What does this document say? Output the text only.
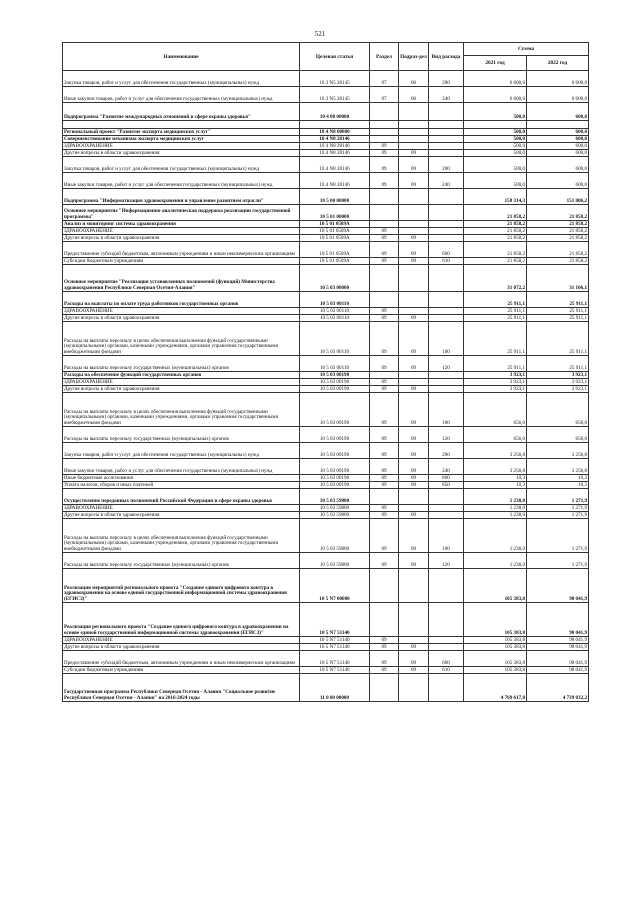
521
Наименование	Целевая статья	Раздел	Подраз-дел	Вид расхода	Сумма	
					2021 год	2022 год
Закупка товаров, работ и услуг для обеспечения государственных (муниципальных) нужд	10 3 N5 28145	07	06	200	6 600,0	6 600,0
Иные закупки товаров, работ и услуг для обеспечения государственных (муниципальных) нужд	10 3 N5 28145	07	06	240	6 600,0	6 600,0
Подпрограмма "Развитие международных отношений в сфере охраны здоровья"	10 4 00 00000				500,0	600,0

Региональный проект "Развитие экспорта медицинских услуг"	10 4 N8 00000				500,0	600,0
Совершенствование механизма экспорта медицинских услуг	10 4 N8 28146				500,0	600,0
ЗДРАВООХРАНЕНИЕ	10 4 N8 28146	09			500,0	600,0
Другие вопросы в области здравоохранения	10 4 N8 28146	09	09		500,0	600,0
Закупка товаров, работ и услуг для обеспечения государственных (муниципальных) нужд	10 4 N8 28146	09	09	200	500,0	600,0
Иные закупки товаров, работ и услуг для обеспечения государственных (муниципальных) нужд	10 4 N8 28146	09	09	240	500,0	600,0
Подпрограмма "Информатизация здравоохранения и управление развитием отрасли"	10 5 00 00000				158 314,3	151 006,2
Основное мероприятие "Информационно-аналитическая поддержка реализации государственной программы"	10 5 01 00000				21 858,2	21 858,2
Анализ и мониторинг системы здравоохранения	10 5 01 0509А				21 858,2	21 858,2
ЗДРАВООХРАНЕНИЕ	10 5 01 0509А	09			21 858,2	21 858,2
Другие вопросы в области здравоохранения	10 5 01 0509А	09	09		21 858,2	21 858,2
Предоставление субсидий бюджетным, автономным учреждениям и иным некоммерческим организациям	10 5 01 0509А	09	09	600	21 858,2	21 858,2
Субсидии бюджетным учреждениям	10 5 01 0509А	09	09	610	21 858,2	21 858,2
Основное мероприятие "Реализация установленных полномочий (функций) Министерства здравоохранения Республики Северная Осетия-Алания"	10 5 03 00000				31 072,2	31 106,1
Расходы на выплаты по оплате труда работников государственных органов	10 5 03 00110				25 911,1	25 911,1
ЗДРАВООХРАНЕНИЕ	10 5 03 00110	09			25 911,1	25 911,1
Другие вопросы в области здравоохранения	10 5 03 00110	09	09		25 911,1	25 911,1
Расходы на выплаты персоналу в целях обеспечения выполнения функций государственными (муниципальными) органами, казенными учреждениями, органами управления государственными внебюджетными фондами	10 5 03 00110	09	09	100	25 911,1	25 911,1
Расходы на выплаты персоналу государственных (муниципальных) органов	10 5 03 00110	09	09	120	25 911,1	25 911,1
Расходы на обеспечение функций государственных органов	10 5 03 00190				3 923,1	3 923,1
ЗДРАВООХРАНЕНИЕ	10 5 03 00190	09			3 923,1	3 923,1
Другие вопросы в области здравоохранения	10 5 03 00190	09	09		3 923,1	3 923,1
Расходы на выплаты персоналу в целях обеспечения выполнения функций государственными (муниципальными) органами, казенными учреждениями, органами управления государственными внебюджетными фондами	10 5 03 00190	09	09	100	656,0	656,0
Расходы на выплаты персоналу государственных (муниципальных) органов	10 5 03 00190	09	09	120	656,0	656,0
Закупка товаров, работ и услуг для обеспечения государственных (муниципальных) нужд	10 5 03 00190	09	09	200	3 256,8	3 256,8
Иные закупки товаров, работ и услуг для обеспечения государственных (муниципальных) нужд	10 5 03 00190	09	09	240	3 256,8	3 256,8
Иные бюджетные ассигнования	10 5 03 00190	09	09	800	10,3	10,3
Уплата налогов, сборов и иных платежей	10 5 03 00190	09	09	850	10,3	10,3
Осуществление переданных полномочий Российской Федерации в сфере охраны здоровья	10 5 03 59800				1 238,0	1 271,9
ЗДРАВООХРАНЕНИЕ	10 5 03 59800	09			1 238,0	1 271,9
Другие вопросы в области здравоохранения	10 5 03 59800	09	09		1 238,0	1 271,9
Расходы на выплаты персоналу в целях обеспечения выполнения функций государственными (муниципальными) органами, казенными учреждениями, органами управления государственными внебюджетными фондами	10 5 03 59800	09	09	100	1 238,0	1 271,9
Расходы на выплаты персоналу государственных (муниципальных) органов	10 5 03 59800	09	09	120	1 238,0	1 271,9
Реализация мероприятий регионального проекта "Создание единого цифрового контура в здравоохранении на основе единой государственной информационной системы здравоохранения (ЕГИСЗ)"	10 5 N7 00000				105 383,8	98 041,9
Реализация регионального проекта "Создание единого цифрового контура в здравоохранении на основе единой государственной информационной системы здравоохранения (ЕГИСЗ)"	10 5 N7 51140				105 383,8	98 041,9
ЗДРАВООХРАНЕНИЕ	10 5 N7 51140	09			105 383,8	98 041,9
Другие вопросы в области здравоохранения	10 5 N7 51140	09	09		105 383,8	98 041,9
Предоставление субсидий бюджетным, автономным учреждениям и иным некоммерческим организациям	10 5 N7 51140	09	09	600	105 383,8	98 041,9
Субсидии бюджетным учреждениям	10 5 N7 51140	09	09	610	105 383,8	98 041,9
Государственная программа Республики Северная Осетия - Алания "Социальное развитие Республики Северная Осетия - Алания" на 2016-2024 годы	11 0 00 00000				4 769 617,8	4 739 032,2
